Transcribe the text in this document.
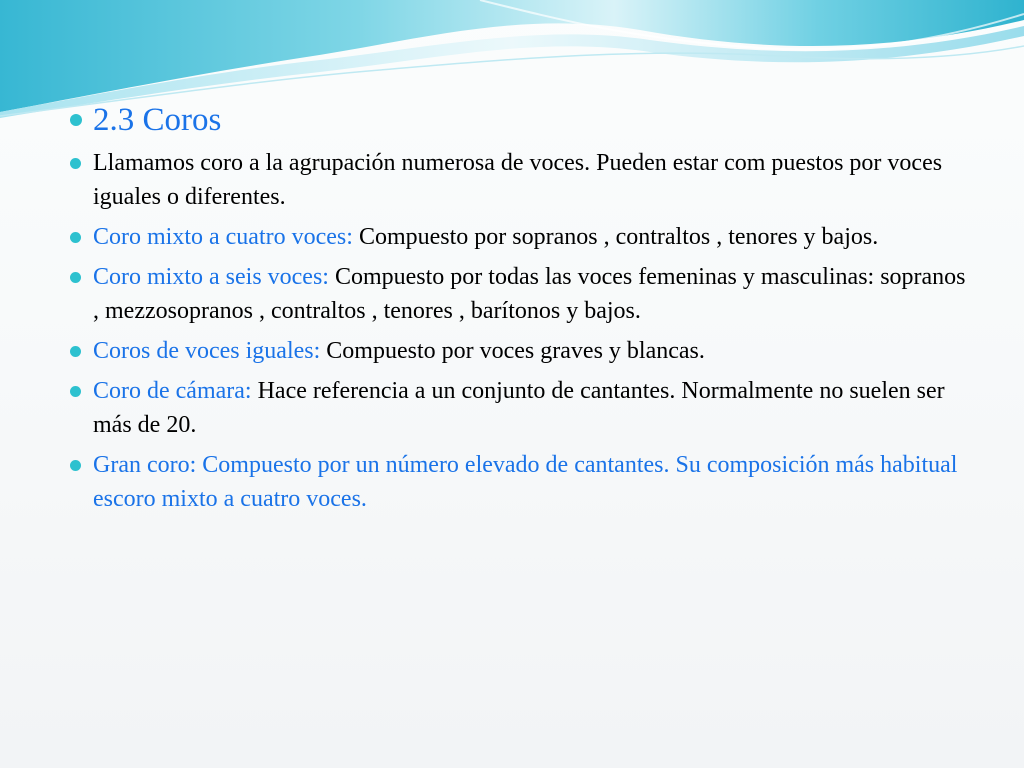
2.3 Coros
Llamamos coro a la agrupación numerosa de voces. Pueden estar com puestos por voces iguales o diferentes.
Coro mixto a cuatro voces: Compuesto por sopranos , contraltos , tenores y bajos.
Coro mixto a seis voces: Compuesto por todas las voces femeninas y masculinas: sopranos , mezzosopranos , contraltos , tenores , barítonos y bajos.
Coros de voces iguales: Compuesto por voces graves y blancas.
Coro de cámara: Hace referencia a un conjunto de cantantes. Normalmente no suelen ser más de 20.
Gran coro: Compuesto por un número elevado de cantantes. Su composición más habitual escoro mixto a cuatro voces.
